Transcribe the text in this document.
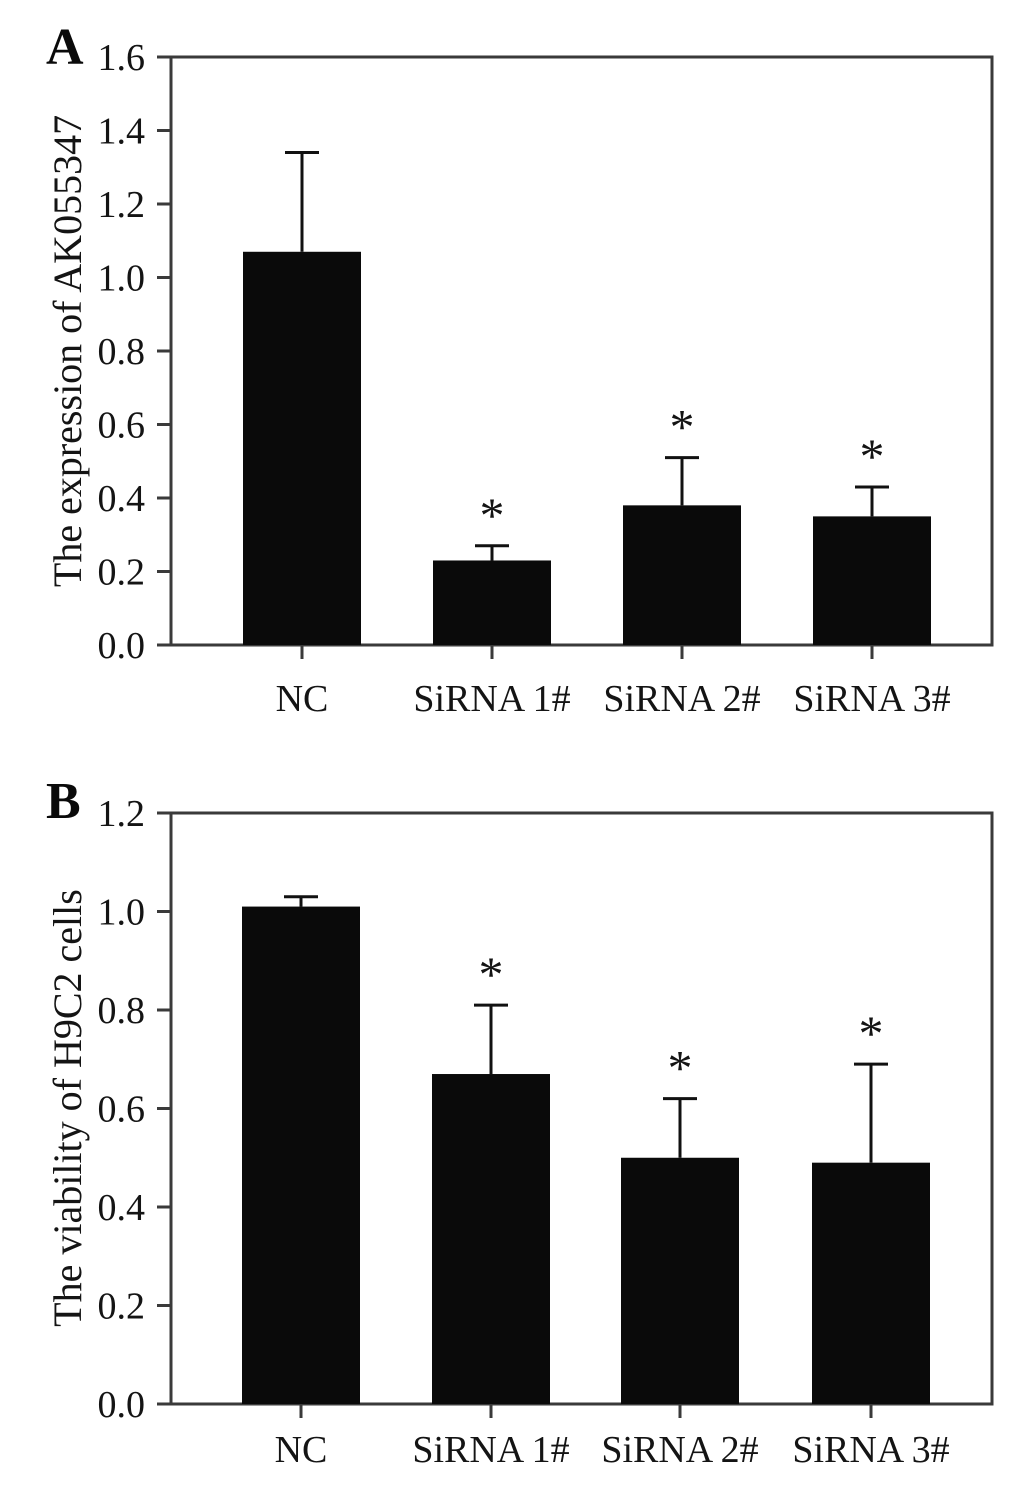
A
The expression of AK055347
B
The viability of H9C2 cells
0.0
0.2
0.4
0.6
0.8
1.0
1.2
1.4
1.6
NC
*
SiRNA 1#
*
SiRNA 2#
*
SiRNA 3#
0.0
0.2
0.4
0.6
0.8
1.0
1.2
NC
*
SiRNA 1#
*
SiRNA 2#
*
SiRNA 3#
